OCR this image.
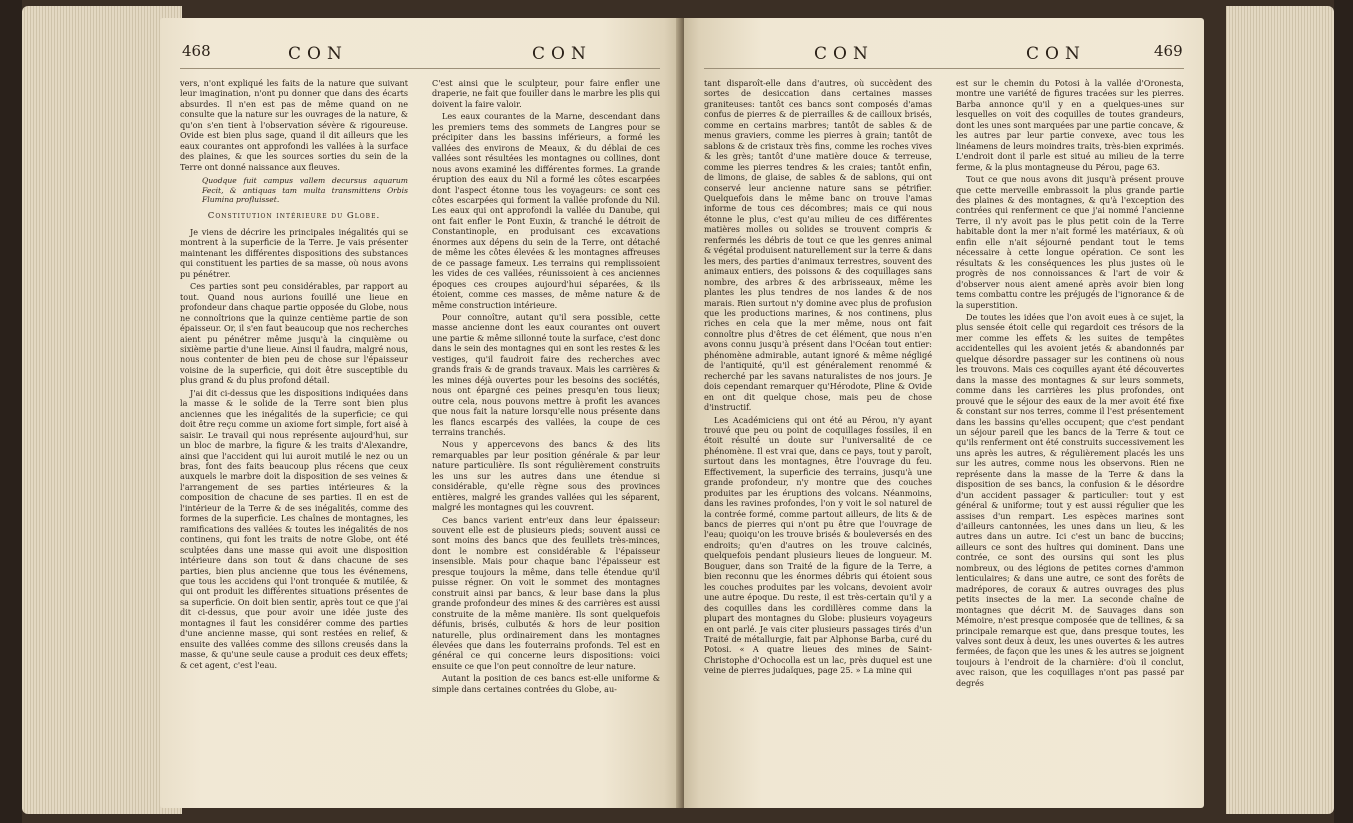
468	CON	CON

vers, n'ont expliqué les faits de la nature que suivant leur imagination, n'ont pu donner que dans des écarts absurdes. Il n'en est pas de même quand on ne consulte que la nature sur les ouvrages de la nature, & qu'on s'en tient à l'observation sévère & rigoureuse. Ovide est bien plus sage, quand il dit ailleurs que les eaux courantes ont approfondi les vallées à la surface des plaines, & que les sources sorties du sein de la Terre ont donné naissance aux fleuves.

Quodque fuit campus vallem decursus aquarum Fecit, & antiquas tam multa transmittens Orbis Flumina profluisset.

Constitution intérieure du Globe.

Je viens de décrire les principales inégalités qui se montrent à la superficie de la Terre. Je vais présenter maintenant les différentes dispositions des substances qui constituent les parties de sa masse, où nous avons pu pénétrer.

Ces parties sont peu considérables, par rapport au tout. Quand nous aurions fouillé une lieue en profondeur dans chaque partie opposée du Globe, nous ne connoîtrions que la quinze centième partie de son épaisseur. Or, il s'en faut beaucoup que nos recherches aient pu pénétrer même jusqu'à la cinquième ou sixième partie d'une lieue. Ainsi il faudra, malgré nous, nous contenter de bien peu de chose sur l'épaisseur voisine de la superficie, qui doit être susceptible du plus grand & du plus profond détail.

J'ai dit ci-dessus que les dispositions indiquées dans la masse & le solide de la Terre sont bien plus anciennes que les inégalités de la superficie; ce qui doit être reçu comme un axiome fort simple, fort aisé à saisir. Le travail qui nous représente aujourd'hui, sur un bloc de marbre, la figure & les traits d'Alexandre, ainsi que l'accident qui lui auroit mutilé le nez ou un bras, font des faits beaucoup plus récens que ceux auxquels le marbre doit la disposition de ses veines & l'arrangement de ses parties intérieures & la composition de chacune de ses parties. Il en est de l'intérieur de la Terre & de ses inégalités, comme des formes de la superficie. Les chaînes de montagnes, les ramifications des vallées & toutes les inégalités de nos continens, qui font les traits de notre Globe, ont été sculptées dans une masse qui avoit une disposition intérieure dans son tout & dans chacune de ses parties, bien plus ancienne que tous les événemens, que tous les accidens qui l'ont tronquée & mutilée, & qui ont produit les différentes situations présentes de sa superficie. On doit bien sentir, après tout ce que j'ai dit ci-dessus, que pour avoir une idée juste des montagnes il faut les considérer comme des parties d'une ancienne masse, qui sont restées en relief, & ensuite des vallées comme des sillons creusés dans la masse, & qu'une seule cause a produit ces deux effets; & cet agent, c'est l'eau.

C'est ainsi que le sculpteur, pour faire enfler une draperie, ne fait que fouiller dans le marbre les plis qui doivent la faire valoir.

Les eaux courantes de la Marne, descendant dans les premiers tems des sommets de Langres pour se précipiter dans les bassins inférieurs, a formé les vallées des environs de Meaux, & du déblai de ces vallées sont résultées les montagnes ou collines, dont nous avons examiné les différentes formes. La grande éruption des eaux du Nil a formé les côtes escarpées dont l'aspect étonne tous les voyageurs: ce sont ces côtes escarpées qui forment la vallée profonde du Nil. Les eaux qui ont approfondi la vallée du Danube, qui ont fait enfler le Pont Euxin, & tranché le détroit de Constantinople, en produisant ces excavations énormes aux dépens du sein de la Terre, ont détaché de même les côtes élevées & les montagnes affreuses de ce passage fameux. Les terrains qui remplissoient les vides de ces vallées, réunissoient à ces anciennes époques ces croupes aujourd'hui séparées, & ils étoient, comme ces masses, de même nature & de même construction intérieure.

Pour connoître, autant qu'il sera possible, cette masse ancienne dont les eaux courantes ont ouvert une partie & même sillonné toute la surface, c'est donc dans le sein des montagnes qui en sont les restes & les vestiges, qu'il faudroit faire des recherches avec grands frais & de grands travaux. Mais les carrières & les mines déjà ouvertes pour les besoins des sociétés, nous ont épargné ces peines presqu'en tous lieux; outre cela, nous pouvons mettre à profit les avances que nous fait la nature lorsqu'elle nous présente dans les flancs escarpés des vallées, la coupe de ces terrains tranchés.

Nous y appercevons des bancs & des lits remarquables par leur position générale & par leur nature particulière. Ils sont régulièrement construits les uns sur les autres dans une étendue si considérable, qu'elle règne sous des provinces entières, malgré les grandes vallées qui les séparent, malgré les montagnes qui les couvrent.

Ces bancs varient entr'eux dans leur épaisseur: souvent elle est de plusieurs pieds; souvent aussi ce sont moins des bancs que des feuillets très-minces, dont le nombre est considérable & l'épaisseur insensible. Mais pour chaque banc l'épaisseur est presque toujours la même, dans telle étendue qu'il puisse régner. On voit le sommet des montagnes construit ainsi par bancs, & leur base dans la plus grande profondeur des mines & des carrières est aussi construite de la même manière. Ils sont quelquefois défunis, brisés, culbutés & hors de leur position naturelle, plus ordinairement dans les montagnes élevées que dans les fouterrains profonds. Tel est en général ce qui concerne leurs dispositions: voici ensuite ce que l'on peut connoître de leur nature.

Autant la position de ces bancs est-elle uniforme & simple dans certaines contrées du Globe, au-

CON	CON	469

tant disparoît-elle dans d'autres, où succèdent des sortes de desiccation dans certaines masses graniteuses: tantôt ces bancs sont composés d'amas confus de pierres & de pierrailles & de cailloux brisés, comme en certains marbres; tantôt de sables & de menus graviers, comme les pierres à grain; tantôt de sablons & de cristaux très fins, comme les roches vives & les grès; tantôt d'une matière douce & terreuse, comme les pierres tendres & les craies; tantôt enfin, de limons, de glaise, de sables & de sablons, qui ont conservé leur ancienne nature sans se pétrifier. Quelquefois dans le même banc on trouve l'amas informe de tous ces décombres; mais ce qui nous étonne le plus, c'est qu'au milieu de ces différentes matières molles ou solides se trouvent compris & renfermés les débris de tout ce que les genres animal & végétal produisent naturellement sur la terre & dans les mers, des parties d'animaux terrestres, souvent des animaux entiers, des poissons & des coquillages sans nombre, des arbres & des arbrisseaux, même les plantes les plus tendres de nos landes & de nos marais. Rien surtout n'y domine avec plus de profusion que les productions marines, & nos continens, plus riches en cela que la mer même, nous ont fait connoître plus d'êtres de cet élément, que nous n'en avons connu jusqu'à présent dans l'Océan tout entier: phénomène admirable, autant ignoré & même négligé de l'antiquité, qu'il est généralement renommé & recherché par les savans naturalistes de nos jours. Je dois cependant remarquer qu'Hérodote, Pline & Ovide en ont dit quelque chose, mais peu de chose d'instructif.

Les Académiciens qui ont été au Pérou, n'y ayant trouvé que peu ou point de coquillages fossiles, il en étoit résulté un doute sur l'universalité de ce phénomène. Il est vrai que, dans ce pays, tout y paroît, surtout dans les montagnes, être l'ouvrage du feu. Effectivement, la superficie des terrains, jusqu'à une grande profondeur, n'y montre que des couches produites par les éruptions des volcans. Néanmoins, dans les ravines profondes, l'on y voit le sol naturel de la contrée formé, comme partout ailleurs, de lits & de bancs de pierres qui n'ont pu être que l'ouvrage de l'eau; quoiqu'on les trouve brisés & bouleversés en des endroits; qu'en d'autres on les trouve calcinés, quelquefois pendant plusieurs lieues de longueur. M. Bouguer, dans son Traité de la figure de la Terre, a bien reconnu que les énormes débris qui étoient sous les couches produites par les volcans, devoient avoir une autre époque. Du reste, il est très-certain qu'il y a des coquilles dans les cordillères comme dans la plupart des montagnes du Globe: plusieurs voyageurs en ont parlé. Je vais citer plusieurs passages tirés d'un Traité de métallurgie, fait par Alphonse Barba, curé du Potosi. « A quatre lieues des mines de Saint-Christophe d'Ochocolla est un lac, près duquel est une veine de pierres judaïques, page 25. » La mine qui

est sur le chemin du Potosi à la vallée d'Oronesta, montre une variété de figures tracées sur les pierres. Barba annonce qu'il y en a quelques-unes sur lesquelles on voit des coquilles de toutes grandeurs, dont les unes sont marquées par une partie concave, & les autres par leur partie convexe, avec tous les linéamens de leurs moindres traits, très-bien exprimés. L'endroit dont il parle est situé au milieu de la terre ferme, & la plus montagneuse du Pérou, page 63.

Tout ce que nous avons dit jusqu'à présent prouve que cette merveille embrassoit la plus grande partie des plaines & des montagnes, & qu'à l'exception des contrées qui renferment ce que j'ai nommé l'ancienne Terre, il n'y avoit pas le plus petit coin de la Terre habitable dont la mer n'ait formé les matériaux, & où enfin elle n'ait séjourné pendant tout le tems nécessaire à cette longue opération. Ce sont les résultats & les conséquences les plus justes où le progrès de nos connoissances & l'art de voir & d'observer nous aient amené après avoir bien long tems combattu contre les préjugés de l'ignorance & de la superstition.

De toutes les idées que l'on avoit eues à ce sujet, la plus sensée étoit celle qui regardoit ces trésors de la mer comme les effets & les suites de tempêtes accidentelles qui les avoient jetés & abandonnés par quelque désordre passager sur les continens où nous les trouvons. Mais ces coquilles ayant été découvertes dans la masse des montagnes & sur leurs sommets, comme dans les carrières les plus profondes, ont prouvé que le séjour des eaux de la mer avoit été fixe & constant sur nos terres, comme il l'est présentement dans les bassins qu'elles occupent; que c'est pendant un séjour pareil que les bancs de la Terre & tout ce qu'ils renferment ont été construits successivement les uns après les autres, & régulièrement placés les uns sur les autres, comme nous les observons. Rien ne représente dans la masse de la Terre & dans la disposition de ses bancs, la confusion & le désordre d'un accident passager & particulier: tout y est général & uniforme; tout y est aussi régulier que les assises d'un rempart. Les espèces marines sont d'ailleurs cantonnées, les unes dans un lieu, & les autres dans un autre. Ici c'est un banc de buccins; ailleurs ce sont des huîtres qui dominent. Dans une contrée, ce sont des oursins qui sont les plus nombreux, ou des légions de petites cornes d'ammon lenticulaires; & dans une autre, ce sont des forêts de madrépores, de coraux & autres ouvrages des plus petits insectes de la mer. La seconde chaîne de montagnes que décrit M. de Sauvages dans son Mémoire, n'est presque composée que de tellines, & sa principale remarque est que, dans presque toutes, les valves sont deux à deux, les unes ouvertes & les autres fermées, de façon que les unes & les autres se joignent toujours à l'endroit de la charnière: d'où il conclut, avec raison, que les coquillages n'ont pas passé par degrés
